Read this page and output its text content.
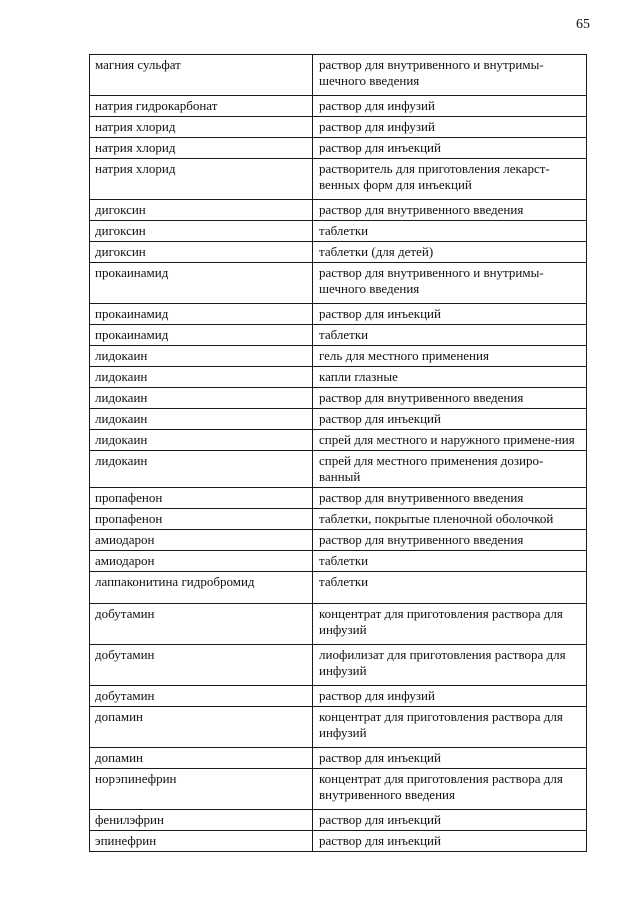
65
магния сульфат	раствор для внутривенного и внутримы-шечного введения
натрия гидрокарбонат	раствор для инфузий
натрия хлорид	раствор для инфузий
натрия хлорид	раствор для инъекций
натрия хлорид	растворитель для приготовления лекарст-венных форм для инъекций
дигоксин	раствор для внутривенного введения
дигоксин	таблетки
дигоксин	таблетки (для детей)
прокаинамид	раствор для внутривенного и внутримы-шечного введения
прокаинамид	раствор для инъекций
прокаинамид	таблетки
лидокаин	гель для местного применения
лидокаин	капли глазные
лидокаин	раствор для внутривенного введения
лидокаин	раствор для инъекций
лидокаин	спрей для местного и наружного примене-ния
лидокаин	спрей для местного применения дозиро-ванный
пропафенон	раствор для внутривенного введения
пропафенон	таблетки, покрытые пленочной оболочкой
амиодарон	раствор для внутривенного введения
амиодарон	таблетки
лаппаконитина гидробромид	таблетки
добутамин	концентрат для приготовления раствора для инфузий
добутамин	лиофилизат для приготовления раствора для инфузий
добутамин	раствор для инфузий
допамин	концентрат для приготовления раствора для инфузий
допамин	раствор для инъекций
норэпинефрин	концентрат для приготовления раствора для внутривенного введения
фенилэфрин	раствор для инъекций
эпинефрин	раствор для инъекций
